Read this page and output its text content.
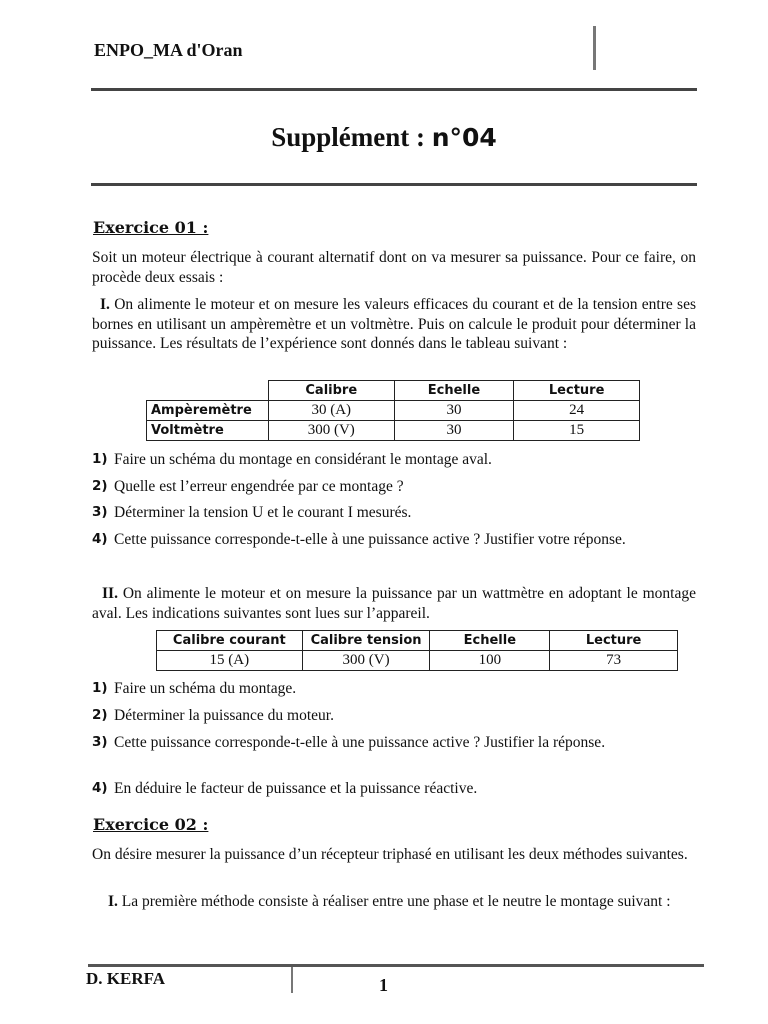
ENPO_MA d'Oran
Supplément : n°04
Exercice 01 :
Soit un moteur électrique à courant alternatif dont on va mesurer sa puissance. Pour ce faire, on procède deux essais :
I. On alimente le moteur et on mesure les valeurs efficaces du courant et de la tension entre ses bornes en utilisant un ampèremètre et un voltmètre. Puis on calcule le produit pour déterminer la puissance. Les résultats de l’expérience sont donnés dans le tableau suivant :
	Calibre	Echelle	Lecture
Ampèremètre	30 (A)	30	24
Voltmètre	300 (V)	30	15
1) Faire un schéma du montage en considérant le montage aval.
2) Quelle est l’erreur engendrée par ce montage ?
3) Déterminer la tension U et le courant I mesurés.
4) Cette puissance corresponde-t-elle à une puissance active ? Justifier votre réponse.
II. On alimente le moteur et on mesure la puissance par un wattmètre en adoptant le montage aval. Les indications suivantes sont lues sur l’appareil.
Calibre courant	Calibre tension	Echelle	Lecture
15 (A)	300 (V)	100	73
1) Faire un schéma du montage.
2) Déterminer la puissance du moteur.
3) Cette puissance corresponde-t-elle à une puissance active ? Justifier la réponse.
4) En déduire le facteur de puissance et la puissance réactive.
Exercice 02 :
On désire mesurer la puissance d’un récepteur triphasé en utilisant les deux méthodes suivantes.
I. La première méthode consiste à réaliser entre une phase et le neutre le montage suivant :
D. KERFA	1
